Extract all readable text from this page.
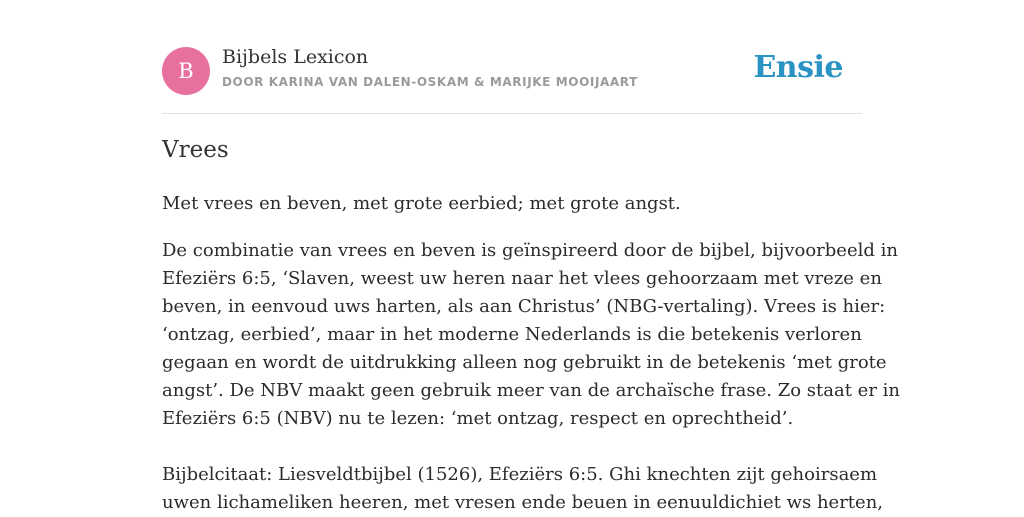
B
Bijbels Lexicon
DOOR KARINA VAN DALEN-OSKAM & MARIJKE MOOIJAART	Ensie
Vrees

Met vrees en beven, met grote eerbied; met grote angst.

De combinatie van vrees en beven is geïnspireerd door de bijbel, bijvoorbeeld in
Efeziërs 6:5, ‘Slaven, weest uw heren naar het vlees gehoorzaam met vreze en
beven, in eenvoud uws harten, als aan Christus’ (NBG-vertaling). Vrees is hier:
‘ontzag, eerbied’, maar in het moderne Nederlands is die betekenis verloren
gegaan en wordt de uitdrukking alleen nog gebruikt in de betekenis ‘met grote
angst’. De NBV maakt geen gebruik meer van de archaïsche frase. Zo staat er in
Efeziërs 6:5 (NBV) nu te lezen: ‘met ontzag, respect en oprechtheid’.
Bijbelcitaat: Liesveldtbijbel (1526), Efeziërs 6:5. Ghi knechten zijt gehoirsaem
uwen lichameliken heeren, met vresen ende beuen in eenuuldichiet ws herten,
